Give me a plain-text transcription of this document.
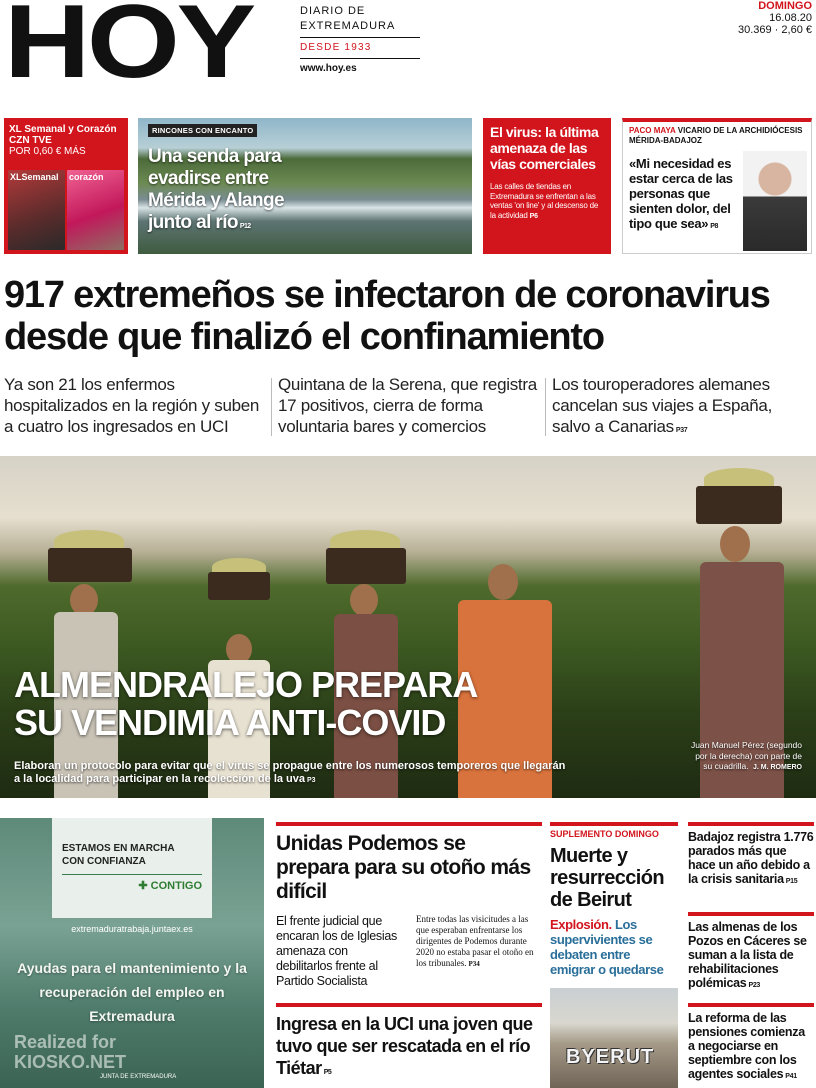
HOY	DIARIO DE
EXTREMADURA
DESDE 1933
www.hoy.es
DOMINGO
16.08.20
30.369 · 2,60 €
XL Semanal y Corazón CZN TVE
POR 0,60 € MÁS
XLSemanal corazón
RINCONES CON ENCANTO
Una senda para evadirse entre Mérida y Alange junto al río P12
El virus: la última amenaza de las vías comerciales
Las calles de tiendas en Extremadura se enfrentan a las ventas 'on line' y al descenso de la actividad P6
PACO MAYA VICARIO DE LA ARCHIDIÓCESIS MÉRIDA-BADAJOZ
«Mi necesidad es estar cerca de las personas que sienten dolor, del tipo que sea» P8
917 extremeños se infectaron de coronavirus desde que finalizó el confinamiento
Ya son 21 los enfermos hospitalizados en la región y suben a cuatro los ingresados en UCI
Quintana de la Serena, que registra 17 positivos, cierra de forma voluntaria bares y comercios
Los touroperadores alemanes cancelan sus viajes a España, salvo a Canarias P37
ALMENDRALEJO PREPARA
SU VENDIMIA ANTI-COVID
Elaboran un protocolo para evitar que el virus se propague entre los numerosos temporeros que llegarán a la localidad para participar en la recolección de la uva P3
Juan Manuel Pérez (segundo por la derecha) con parte de su cuadrilla. J. M. ROMERO
ESTAMOS EN MARCHA
CON CONFIANZA
✚ CONTIGO
extremaduratrabaja.juntaex.es
Ayudas para el mantenimiento y la recuperación del empleo en Extremadura
Realized for
KIOSKO.NET
JUNTA DE EXTREMADURA
Unidas Podemos se prepara para su otoño más difícil
El frente judicial que encaran los de Iglesias amenaza con debilitarlos frente al Partido Socialista
Entre todas las visicitudes a las que esperaban enfrentarse los dirigentes de Podemos durante 2020 no estaba pasar el otoño en los tribunales. P34
Ingresa en la UCI una joven que tuvo que ser rescatada en el río Tiétar P5
SUPLEMENTO DOMINGO
Muerte y resurrección de Beirut
Explosión. Los supervivientes se debaten entre emigrar o quedarse
BYERUT
Badajoz registra 1.776 parados más que hace un año debido a la crisis sanitaria P15
Las almenas de los Pozos en Cáceres se suman a la lista de rehabilitaciones polémicas P23
La reforma de las pensiones comienza a negociarse en septiembre con los agentes sociales P41
